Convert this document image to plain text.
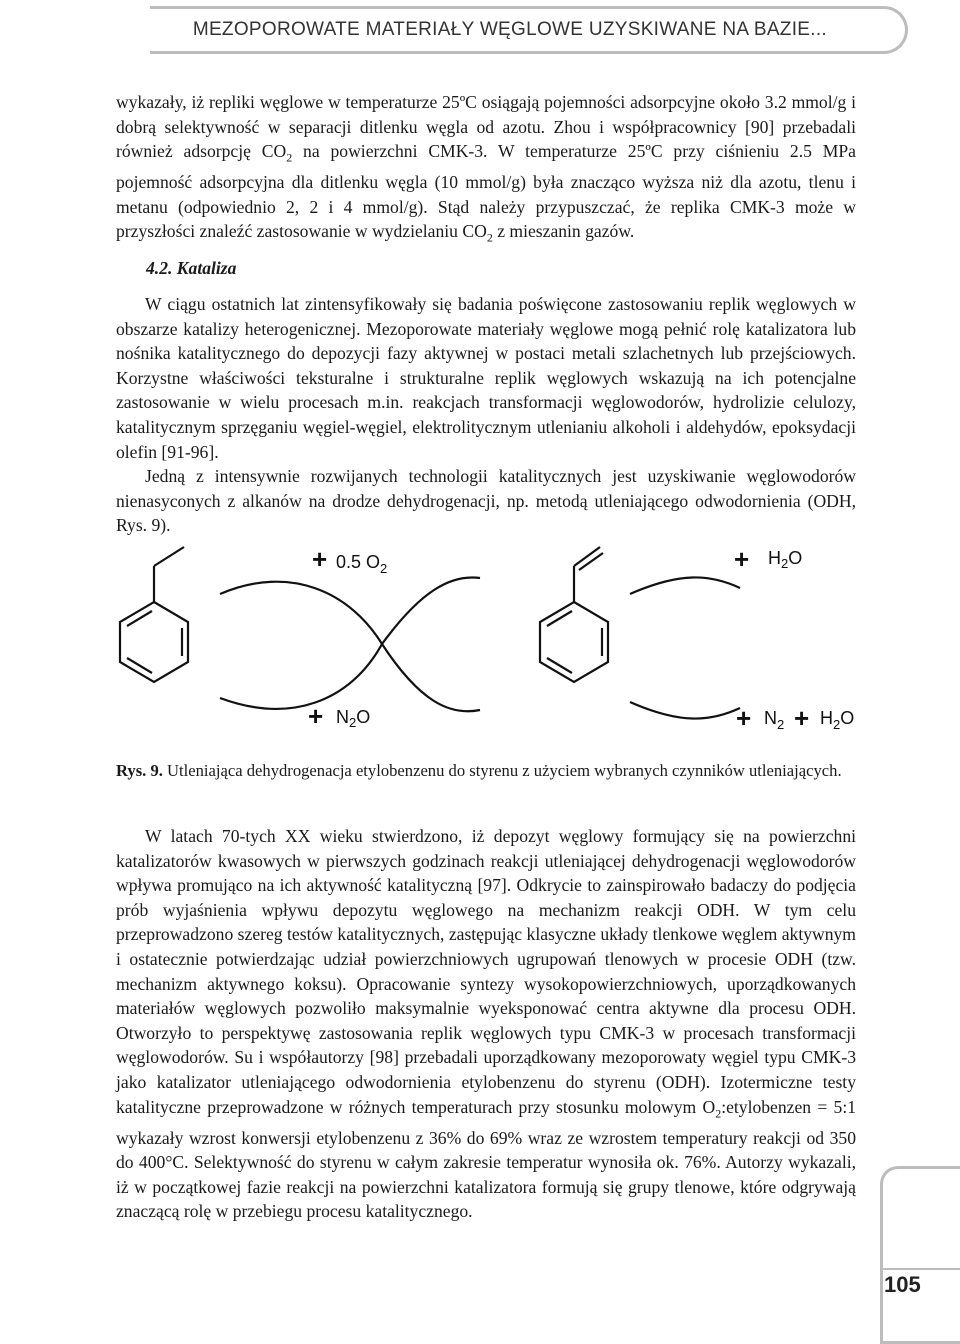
MEZOPOROWATE MATERIAŁY WĘGLOWE UZYSKIWANE NA BAZIE...

wykazały, iż repliki węglowe w temperaturze 25ºC osiągają pojemności adsorpcyjne około 3.2 mmol/g i dobrą selektywność w separacji ditlenku węgla od azotu. Zhou i współpracownicy [90] przebadali również adsorpcję $CO_2$ na powierzchni CMK-3. W temperaturze 25ºC przy ciśnieniu 2.5 MPa pojemność adsorpcyjna dla ditlenku węgla (10 mmol/g) była znacząco wyższa niż dla azotu, tlenu i metanu (odpowiednio 2, 2 i 4 mmol/g). Stąd należy przypuszczać, że replika CMK-3 może w przyszłości znaleźć zastosowanie w wydzielaniu $CO_2$ z mieszanin gazów.

4.2. Kataliza

W ciągu ostatnich lat zintensyfikowały się badania poświęcone zastosowaniu replik węglowych w obszarze katalizy heterogenicznej. Mezoporowate materiały węglowe mogą pełnić rolę katalizatora lub nośnika katalitycznego do depozycji fazy aktywnej w postaci metali szlachetnych lub przejściowych. Korzystne właściwości teksturalne i strukturalne replik węglowych wskazują na ich potencjalne zastosowanie w wielu procesach m.in. reakcjach transformacji węglowodorów, hydrolizie celulozy, katalitycznym sprzęganiu węgiel-węgiel, elektrolitycznym utlenianiu alkoholi i aldehydów, epoksydacji olefin [91-96].

Jedną z intensywnie rozwijanych technologii katalitycznych jest uzyskiwanie węglowodorów nienasyconych z alkanów na drodze dehydrogenacji, np. metodą utleniającego odwodornienia (ODH, Rys. 9).

+ 0.5 $O_2$	+ $H_2O$
+ $N_2O$	+ $N_2 + H_2O$
Rys. 9. Utleniająca dehydrogenacja etylobenzenu do styrenu z użyciem wybranych czynników utleniających.

W latach 70-tych XX wieku stwierdzono, iż depozyt węglowy formujący się na powierzchni katalizatorów kwasowych w pierwszych godzinach reakcji utleniającej dehydrogenacji węglowodorów wpływa promująco na ich aktywność katalityczną [97]. Odkrycie to zainspirowało badaczy do podjęcia prób wyjaśnienia wpływu depozytu węglowego na mechanizm reakcji ODH. W tym celu przeprowadzono szereg testów katalitycznych, zastępując klasyczne układy tlenkowe węglem aktywnym i ostatecznie potwierdzając udział powierzchniowych ugrupowań tlenowych w procesie ODH (tzw. mechanizm aktywnego koksu). Opracowanie syntezy wysokopowierzchniowych, uporządkowanych materiałów węglowych pozwoliło maksymalnie wyeksponować centra aktywne dla procesu ODH. Otworzyło to perspektywę zastosowania replik węglowych typu CMK-3 w procesach transformacji węglowodorów. Su i współautorzy [98] przebadali uporządkowany mezoporowaty węgiel typu CMK-3 jako katalizator utleniającego odwodornienia etylobenzenu do styrenu (ODH). Izotermiczne testy katalityczne przeprowadzone w różnych temperaturach przy stosunku molowym $O_2:etylobenzen$ = 5:1 wykazały wzrost konwersji etylobenzenu z 36% do 69% wraz ze wzrostem temperatury reakcji od 350 do 400°C. Selektywność do styrenu w całym zakresie temperatur wynosiła ok. 76%. Autorzy wykazali, iż w początkowej fazie reakcji na powierzchni katalizatora formują się grupy tlenowe, które odgrywają znaczącą rolę w przebiegu procesu katalitycznego.

105
